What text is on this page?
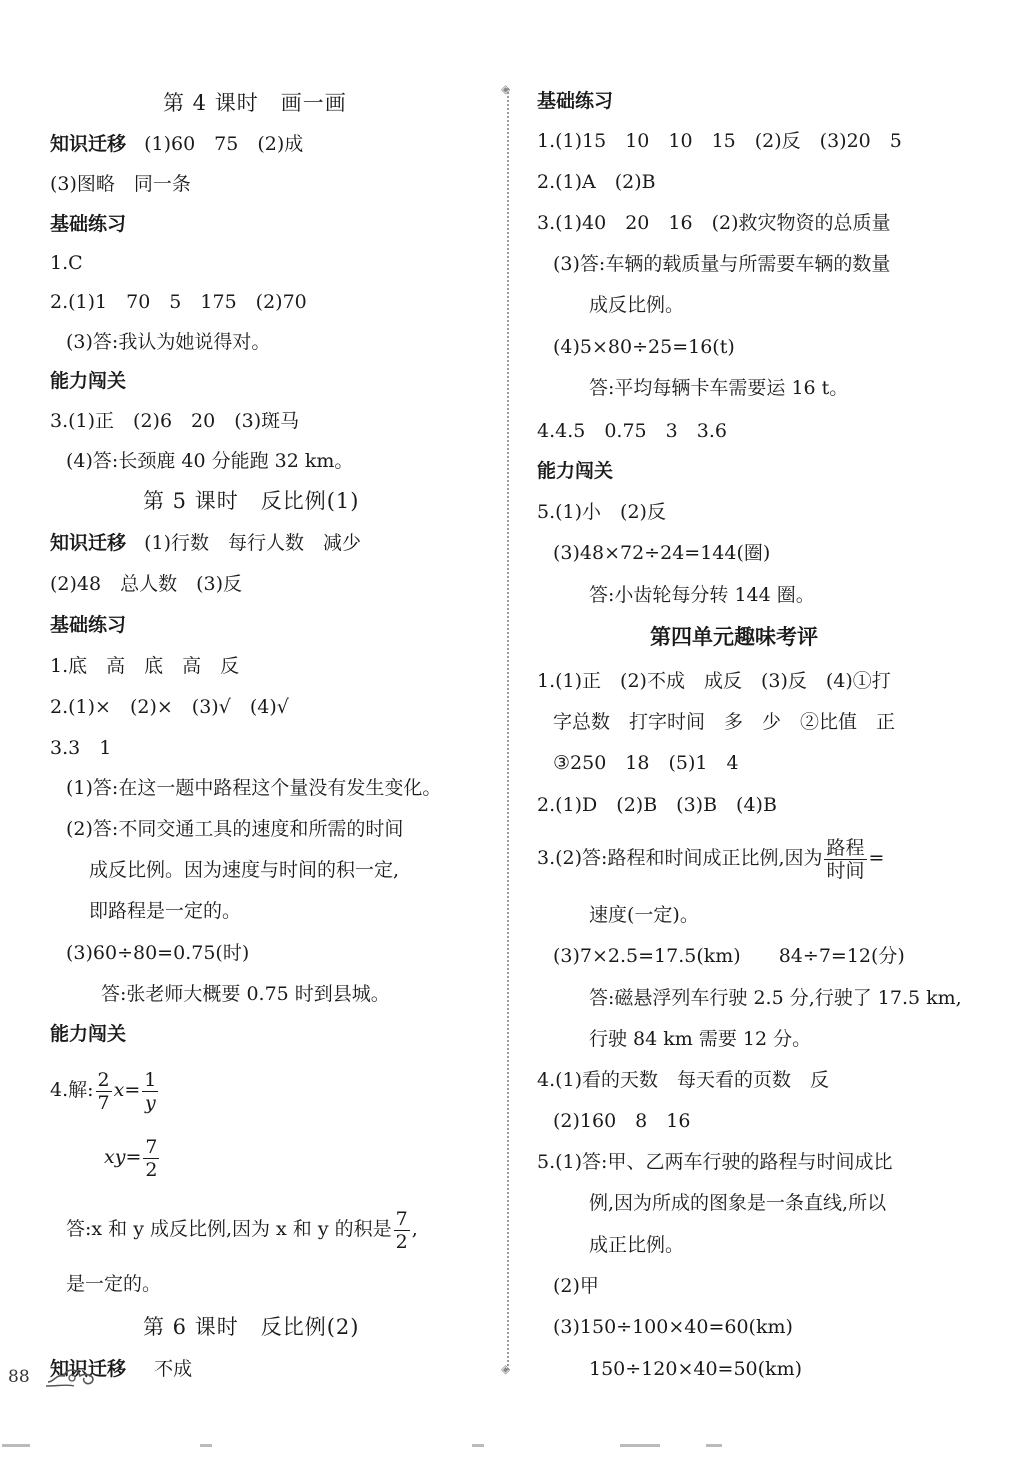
第 4 课时　画一画
知识迁移 (1)60　75　(2)成
(3)图略　同一条
基础练习
1.C
2.(1)1　70　5　175　(2)70
(3)答:我认为她说得对。
能力闯关
3.(1)正　(2)6　20　(3)斑马
(4)答:长颈鹿 40 分能跑 32 km。
第 5 课时　反比例(1)
知识迁移 (1)行数　每行人数　减少
(2)48　总人数　(3)反
基础练习
1.底　高　底　高　反
2.(1)×　(2)×　(3)√　(4)√
3.3　1
(1)答:在这一题中路程这个量没有发生变化。
(2)答:不同交通工具的速度和所需的时间
成反比例。因为速度与时间的积一定,
即路程是一定的。
(3)60÷80=0.75(时)
答:张老师大概要 0.75 时到县城。
能力闯关
4.解: $\frac{2}{7} x= \frac{1}{y}$
$xy= \frac{7}{2}$
答:x 和 y 成反比例,因为 x 和 y 的积是 $\frac{7}{2}$ ,
是一定的。
第 6 课时　反比例(2)
知识迁移 不成
◈
◈
基础练习
1.(1)15　10　10　15　(2)反　(3)20　5
2.(1)A　(2)B
3.(1)40　20　16　(2)救灾物资的总质量
(3)答:车辆的载质量与所需要车辆的数量
成反比例。
(4)5×80÷25=16(t)
答:平均每辆卡车需要运 16 t。
4.4.5　0.75　3　3.6
能力闯关
5.(1)小　(2)反
(3)48×72÷24=144(圈)
答:小齿轮每分转 144 圈。
第四单元趣味考评
1.(1)正　(2)不成　成反　(3)反　(4)①打
字总数　打字时间　多　少　②比值　正
③250　18　(5)1　4
2.(1)D　(2)B　(3)B　(4)B
3.(2)答:路程和时间成正比例,因为 $\frac{\text{路程}}{\text{时间}}$ =
速度(一定)。
(3)7×2.5=17.5(km)　　84÷7=12(分)
答:磁悬浮列车行驶 2.5 分,行驶了 17.5 km,
行驶 84 km 需要 12 分。
4.(1)看的天数　每天看的页数　反
(2)160　8　16
5.(1)答:甲、乙两车行驶的路程与时间成比
例,因为所成的图象是一条直线,所以
成正比例。
(2)甲
(3)150÷100×40=60(km)
150÷120×40=50(km)
88
